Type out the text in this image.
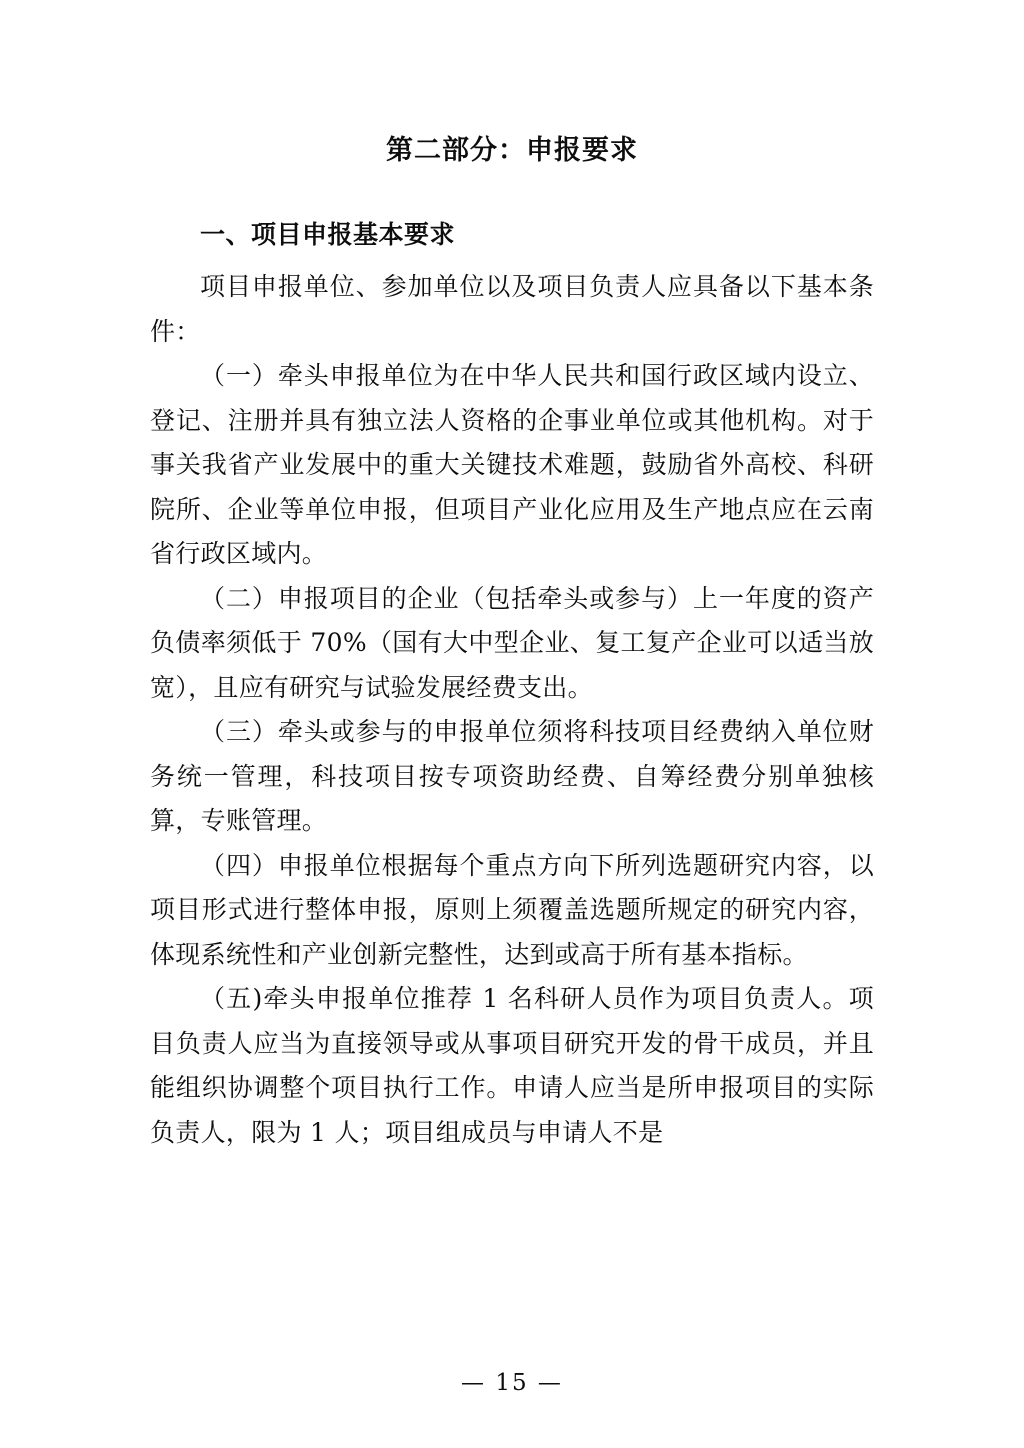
第二部分：申报要求
一、项目申报基本要求

项目申报单位、参加单位以及项目负责人应具备以下基本条件：

（一）牵头申报单位为在中华人民共和国行政区域内设立、登记、注册并具有独立法人资格的企事业单位或其他机构。对于事关我省产业发展中的重大关键技术难题，鼓励省外高校、科研院所、企业等单位申报，但项目产业化应用及生产地点应在云南省行政区域内。

（二）申报项目的企业（包括牵头或参与）上一年度的资产负债率须低于 70%（国有大中型企业、复工复产企业可以适当放宽），且应有研究与试验发展经费支出。

（三）牵头或参与的申报单位须将科技项目经费纳入单位财务统一管理，科技项目按专项资助经费、自筹经费分别单独核算，专账管理。

（四）申报单位根据每个重点方向下所列选题研究内容，以项目形式进行整体申报，原则上须覆盖选题所规定的研究内容，体现系统性和产业创新完整性，达到或高于所有基本指标。

（五)牵头申报单位推荐 1 名科研人员作为项目负责人。项目负责人应当为直接领导或从事项目研究开发的骨干成员，并且能组织协调整个项目执行工作。申请人应当是所申报项目的实际负责人，限为 1 人；项目组成员与申请人不是

— 15 —
